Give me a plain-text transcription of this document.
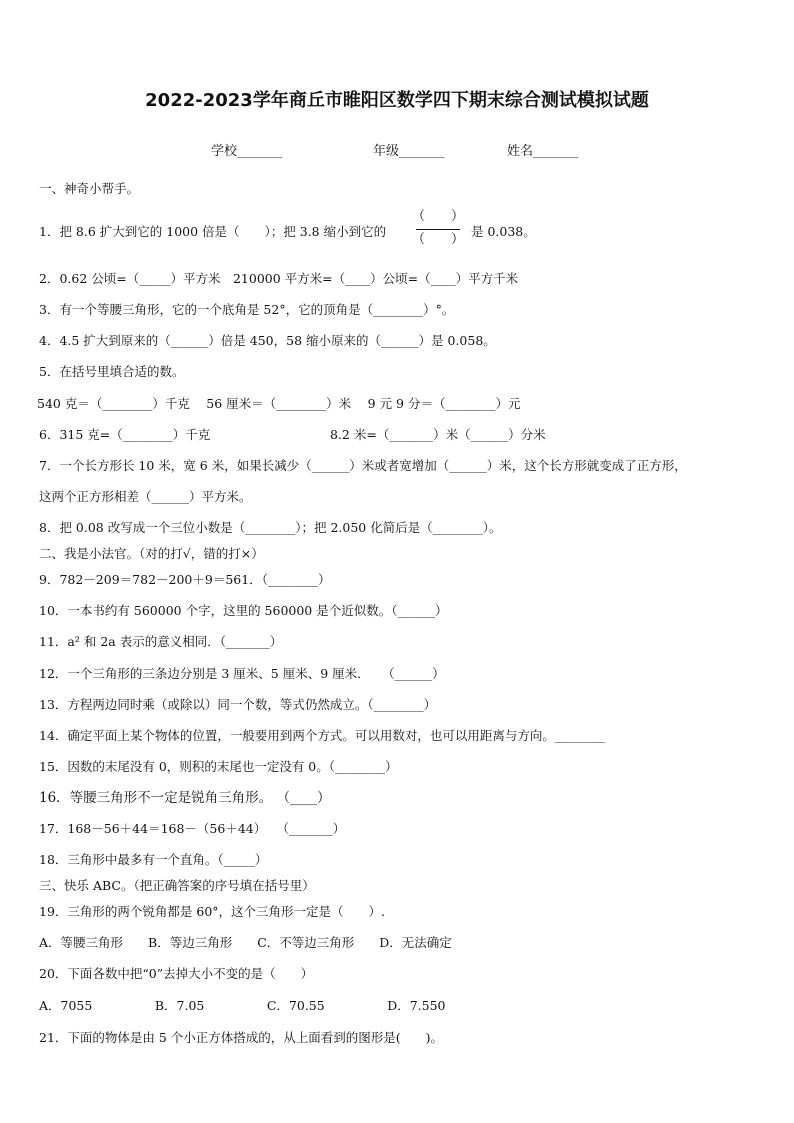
2022-2023学年商丘市睢阳区数学四下期末综合测试模拟试题
学校_______	年级_______	姓名_______
一、神奇小帮手。
1．把 8.6 扩大到它的 1000 倍是（　　）；把 3.8 缩小到它的
（　　）
（　　）
是 0.038。
2．0.62 公顷=（_____）平方米　210000 平方米=（____）公顷=（____）平方千米
3．有一个等腰三角形，它的一个底角是 52°，它的顶角是（________）°。
4．4.5 扩大到原来的（______）倍是 450，58 缩小原来的（______）是 0.058。
5．在括号里填合适的数。
540 克＝（________）千克　 56 厘米＝（________）米　 9 元 9 分＝（________）元
6．315 克=（________）千克	8.2 米=（_______）米（______）分米
7．一个长方形长 10 米，宽 6 米，如果长减少（______）米或者宽增加（______）米，这个长方形就变成了正方形，
这两个正方形相差（______）平方米。
8．把 0.08 改写成一个三位小数是（________）；把 2.050 化简后是（________）。
二、我是小法官。（对的打√，错的打×）
9．782－209＝782－200＋9＝561．（________）
10．一本书约有 560000 个字，这里的 560000 是个近似数。（______）
11．a² 和 2a 表示的意义相同．（_______）
12．一个三角形的三条边分别是 3 厘米、5 厘米、9 厘米．　　（______）
13．方程两边同时乘（或除以）同一个数，等式仍然成立。（________）
14．确定平面上某个物体的位置，一般要用到两个方式。可以用数对，也可以用距离与方向。________
15．因数的末尾没有 0，则积的末尾也一定没有 0。（________）
16．等腰三角形不一定是锐角三角形。 （____）
17．168－56＋44＝168－（56＋44）　 （_______）
18．三角形中最多有一个直角。（_____）
三、快乐 ABC。（把正确答案的序号填在括号里）
19．三角形的两个锐角都是 60°，这个三角形一定是（　　）.
A．等腰三角形　　B．等边三角形　　C．不等边三角形　　D．无法确定
20．下面各数中把“0”去掉大小不变的是（　　）
A．7055　　　　　B．7.05　　　　　C．70.55　　　　　D．7.550
21．下面的物体是由 5 个小正方体搭成的，从上面看到的图形是(　　)。
